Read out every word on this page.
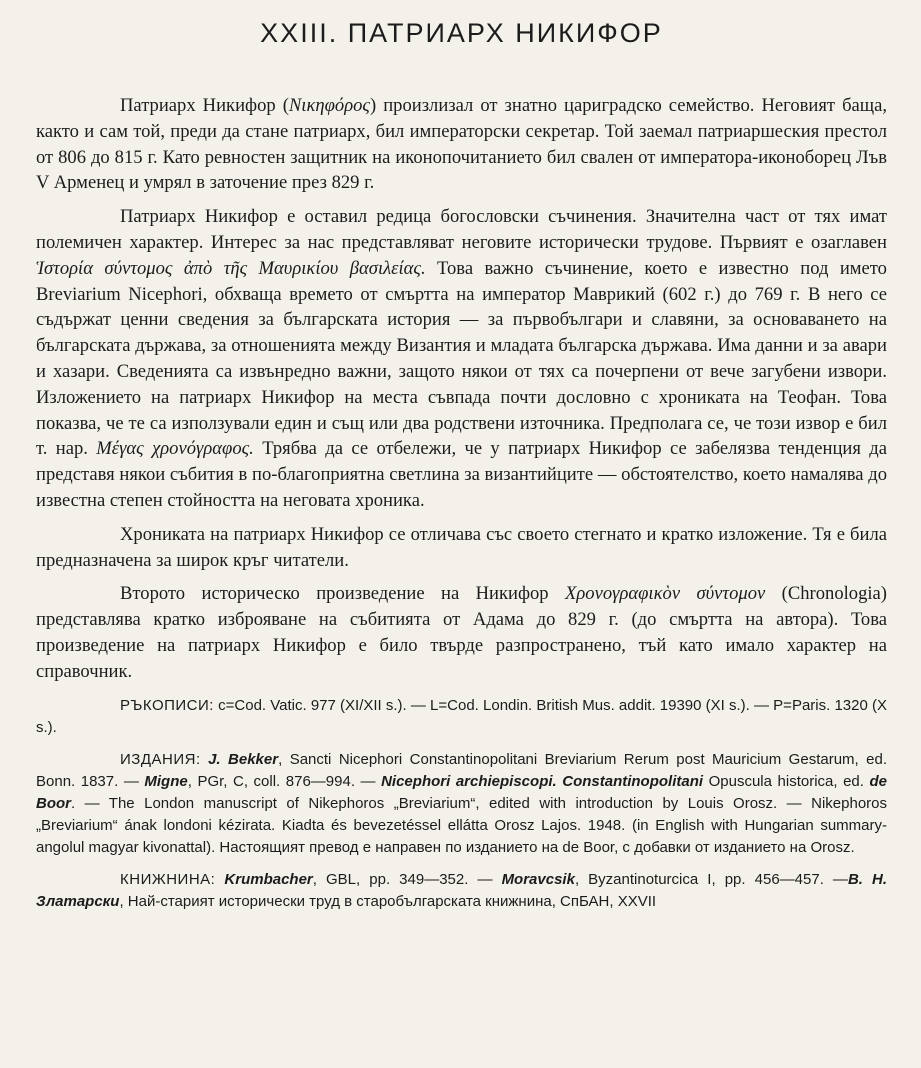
XXIII. ПАТРИАРХ НИКИФОР

Патриарх Никифор (Νικηφόρος) произлизал от знатно цариградско семейство. Неговият баща, както и сам той, преди да стане патриарх, бил императорски секретар. Той заемал патриаршеския престол от 806 до 815 г. Като ревностен защитник на иконопочитанието бил свален от императора-иконоборец Лъв V Арменец и умрял в заточение през 829 г.

Патриарх Никифор е оставил редица богословски съчинения. Значителна част от тях имат полемичен характер. Интерес за нас представляват неговите исторически трудове. Първият е озаглавен Ἱστορία σύντομος ἀπὸ τῆς Μαυρικίου βασιλείας. Това важно съчинение, което е известно под името Breviarium Nicephori, обхваща времето от смъртта на император Маврикий (602 г.) до 769 г. В него се съдържат ценни сведения за българската история — за първобългари и славяни, за основаването на българската държава, за отношенията между Византия и младата българска държава. Има данни и за авари и хазари. Сведенията са извънредно важни, защото някои от тях са почерпени от вече загубени извори. Изложението на патриарх Никифор на места съвпада почти дословно с хрониката на Теофан. Това показва, че те са използували един и същ или два родствени източника. Предполага се, че този извор е бил т. нар. Μέγας χρονόγραφος. Трябва да се отбележи, че у патриарх Никифор се забелязва тенденция да представя някои събития в по-благоприятна светлина за византийците — обстоятелство, което намалява до известна степен стойността на неговата хроника.

Хрониката на патриарх Никифор се отличава със своето стегнато и кратко изложение. Тя е била предназначена за широк кръг читатели.

Второто историческо произведение на Никифор Χρονογραφικὸν σύντομον (Chronologia) представлява кратко изброяване на събитията от Адама до 829 г. (до смъртта на автора). Това произведение на патриарх Никифор е било твърде разпространено, тъй като имало характер на справочник.

РЪКОПИСИ: c=Cod. Vatic. 977 (XI/XII s.). — L=Cod. Londin. British Mus. addit. 19390 (XI s.). — P=Paris. 1320 (X s.).

ИЗДАНИЯ: J. Bekker, Sancti Nicephori Constantinopolitani Breviarium Rerum post Mauricium Gestarum, ed. Bonn. 1837. — Migne, PGr, C, coll. 876—994. — Nicephori archiepiscopi. Constantinopolitani Opuscula historica, ed. de Boor. — The London manuscript of Nikephoros „Breviarium“, edited with introduction by Louis Orosz. — Nikephoros „Breviarium“ ának londoni kézirata. Kiadta és bevezetéssel ellátta Orosz Lajos. 1948. (in English with Hungarian summary-angolul magyar kivonattal). Настоящият превод е направен по изданието на de Boor, с добавки от изданието на Orosz.

КНИЖНИНА: Krumbacher, GBL, pp. 349—352. — Moravcsik, Byzantinoturcica I, pp. 456—457. —В. Н. Златарски, Най-старият исторически труд в старобългарската книжнина, СпБАН, XXVII
